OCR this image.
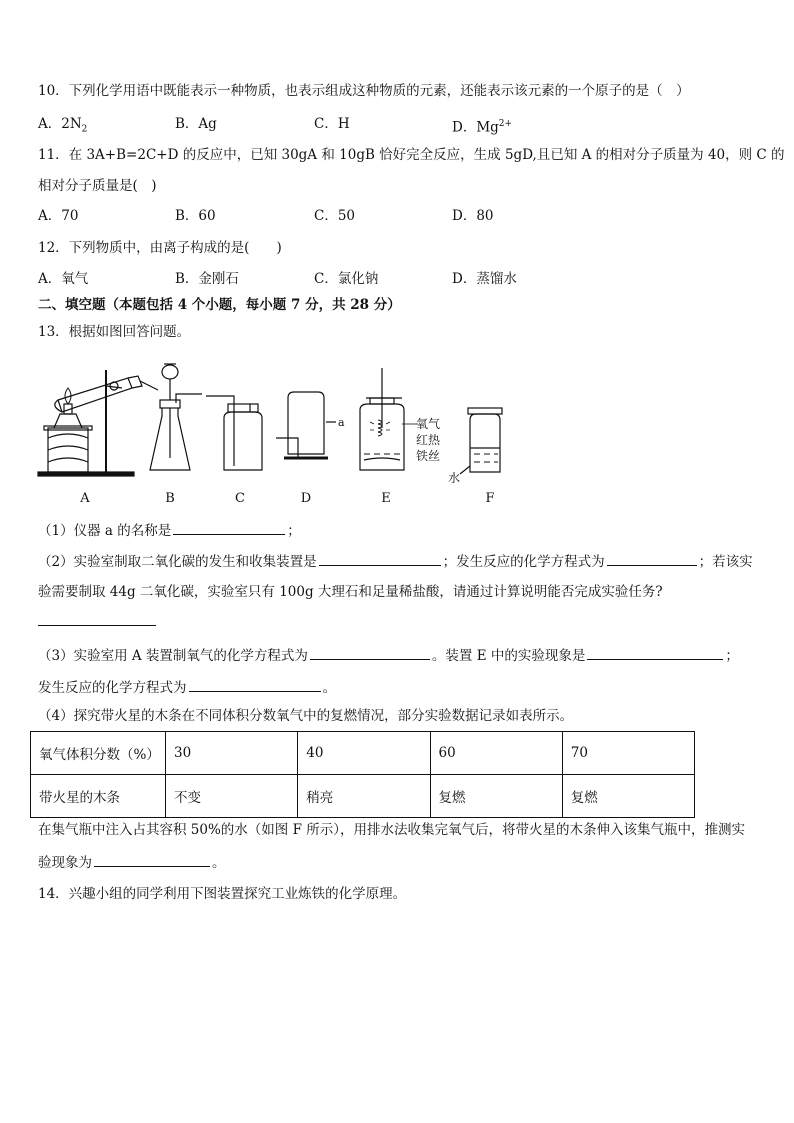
10．下列化学用语中既能表示一种物质，也表示组成这种物质的元素，还能表示该元素的一个原子的是（　）
A．$2N_2$	B．Ag	C．H	D．$Mg^{2+}$
11．在 3A+B=2C+D 的反应中，已知 30gA 和 10gB 恰好完全反应，生成 5gD,且已知 A 的相对分子质量为 40，则 C 的
相对分子质量是(　)
A．70	B．60	C．50	D．80
12．下列物质中，由离子构成的是(　　)
A．氧气	B．金刚石	C．氯化钠	D．蒸馏水
二、填空题（本题包括 4 个小题，每小题 7 分，共 28 分）
13．根据如图回答问题。
A	B	C	D	E	F
a	氧气
红热
铁丝
水
（1）仪器 a 的名称是	；
（2）实验室制取二氧化碳的发生和收集装置是	；发生反应的化学方程式为	；若该实
验需要制取 44g 二氧化碳，实验室只有 100g 大理石和足量稀盐酸，请通过计算说明能否完成实验任务?
（3）实验室用 A 装置制氧气的化学方程式为	。装置 E 中的实验现象是	；
发生反应的化学方程式为	。
（4）探究带火星的木条在不同体积分数氧气中的复燃情况，部分实验数据记录如表所示。
氧气体积分数（%）	30	40	60	70
带火星的木条	不变	稍亮	复燃	复燃
在集气瓶中注入占其容积 50%的水（如图 F 所示），用排水法收集完氧气后，将带火星的木条伸入该集气瓶中，推测实
验现象为	。
14．兴趣小组的同学利用下图装置探究工业炼铁的化学原理。
